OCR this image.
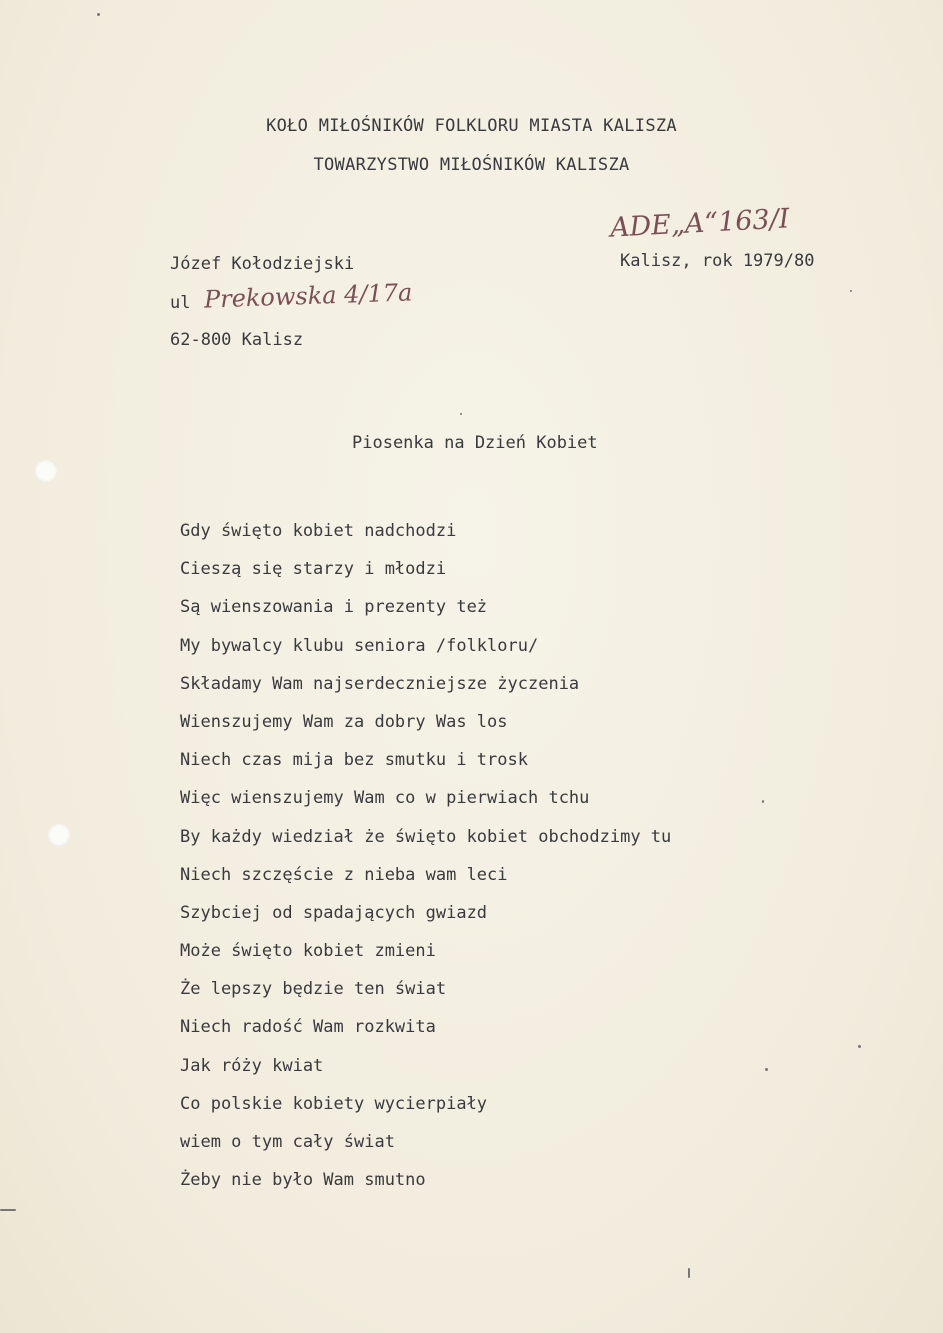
KOŁO MIŁOŚNIKÓW FOLKLORU MIASTA KALISZA
TOWARZYSTWO MIŁOŚNIKÓW KALISZA
ADE„A“163/I
Kalisz, rok 1979/80
Józef Kołodziejski
ul Prekowska 4/17a
62-800 Kalisz
Piosenka na Dzień Kobiet
Gdy święto kobiet nadchodzi
Cieszą się starzy i młodzi
Są wienszowania i prezenty też
My bywalcy klubu seniora /folkloru/
Składamy Wam najserdeczniejsze życzenia
Wienszujemy Wam za dobry Was los
Niech czas mija bez smutku i trosk
Więc wienszujemy Wam co w pierwiach tchu
By każdy wiedział że święto kobiet obchodzimy tu
Niech szczęście z nieba wam leci
Szybciej od spadających gwiazd
Może święto kobiet zmieni
Że lepszy będzie ten świat
Niech radość Wam rozkwita
Jak róży kwiat
Co polskie kobiety wycierpiały
wiem o tym cały świat
Żeby nie było Wam smutno
